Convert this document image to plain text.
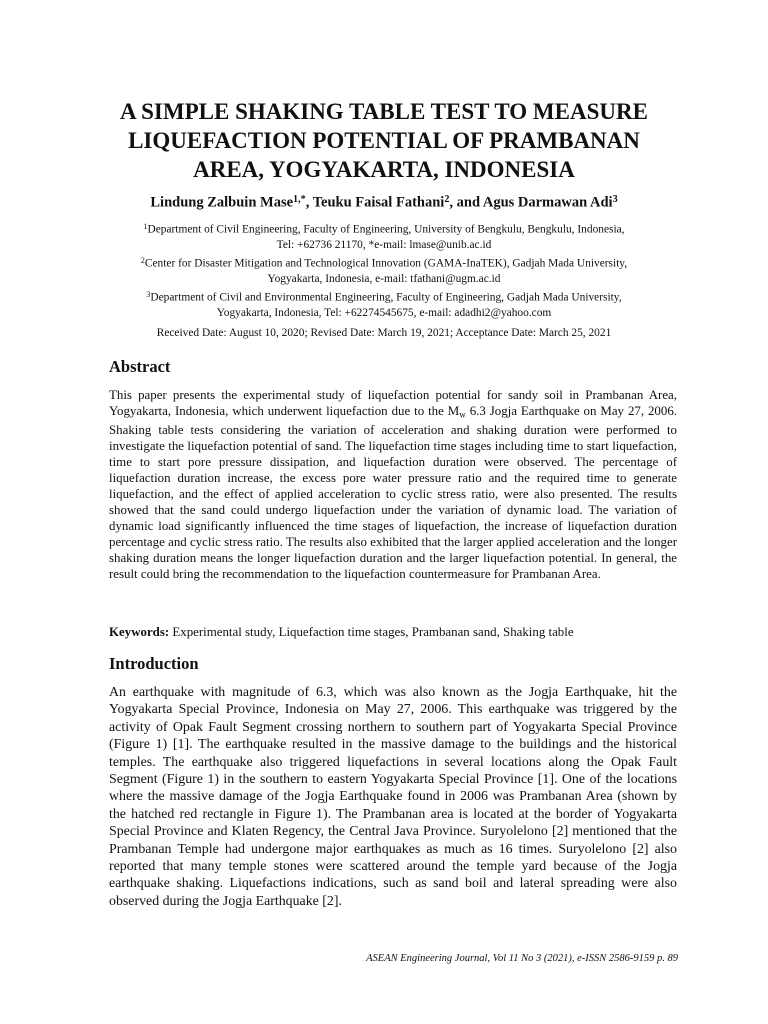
A SIMPLE SHAKING TABLE TEST TO MEASURE
LIQUEFACTION POTENTIAL OF PRAMBANAN
AREA, YOGYAKARTA, INDONESIA
Lindung Zalbuin Mase$^{1,*}$, Teuku Faisal Fathani$^2$, and Agus Darmawan Adi$^3$

$^1$Department of Civil Engineering, Faculty of Engineering, University of Bengkulu, Bengkulu, Indonesia,
Tel: +62736 21170, *e-mail: lmase@unib.ac.id

$^2$Center for Disaster Mitigation and Technological Innovation (GAMA-InaTEK), Gadjah Mada University,
Yogyakarta, Indonesia, e-mail: tfathani@ugm.ac.id

$^3$Department of Civil and Environmental Engineering, Faculty of Engineering, Gadjah Mada University,
Yogyakarta, Indonesia, Tel: +62274545675, e-mail: adadhi2@yahoo.com

Received Date: August 10, 2020; Revised Date: March 19, 2021; Acceptance Date: March 25, 2021
Abstract

This paper presents the experimental study of liquefaction potential for sandy soil in Prambanan Area, Yogyakarta, Indonesia, which underwent liquefaction due to the $M_w$ 6.3 Jogja Earthquake on May 27, 2006. Shaking table tests considering the variation of acceleration and shaking duration were performed to investigate the liquefaction potential of sand. The liquefaction time stages including time to start liquefaction, time to start pore pressure dissipation, and liquefaction duration were observed. The percentage of liquefaction duration increase, the excess pore water pressure ratio and the required time to generate liquefaction, and the effect of applied acceleration to cyclic stress ratio, were also presented. The results showed that the sand could undergo liquefaction under the variation of dynamic load. The variation of dynamic load significantly influenced the time stages of liquefaction, the increase of liquefaction duration percentage and cyclic stress ratio. The results also exhibited that the larger applied acceleration and the longer shaking duration means the longer liquefaction duration and the larger liquefaction potential. In general, the result could bring the recommendation to the liquefaction countermeasure for Prambanan Area.

Keywords: Experimental study, Liquefaction time stages, Prambanan sand, Shaking table
Introduction

An earthquake with magnitude of 6.3, which was also known as the Jogja Earthquake, hit the Yogyakarta Special Province, Indonesia on May 27, 2006. This earthquake was triggered by the activity of Opak Fault Segment crossing northern to southern part of Yogyakarta Special Province (Figure 1) [1]. The earthquake resulted in the massive damage to the buildings and the historical temples. The earthquake also triggered liquefactions in several locations along the Opak Fault Segment (Figure 1) in the southern to eastern Yogyakarta Special Province [1]. One of the locations where the massive damage of the Jogja Earthquake found in 2006 was Prambanan Area (shown by the hatched red rectangle in Figure 1). The Prambanan area is located at the border of Yogyakarta Special Province and Klaten Regency, the Central Java Province. Suryolelono [2] mentioned that the Prambanan Temple had undergone major earthquakes as much as 16 times. Suryolelono [2] also reported that many temple stones were scattered around the temple yard because of the Jogja earthquake shaking. Liquefactions indications, such as sand boil and lateral spreading were also observed during the Jogja Earthquake [2].

ASEAN Engineering Journal, Vol 11 No 3 (2021), e-ISSN 2586-9159 p. 89
